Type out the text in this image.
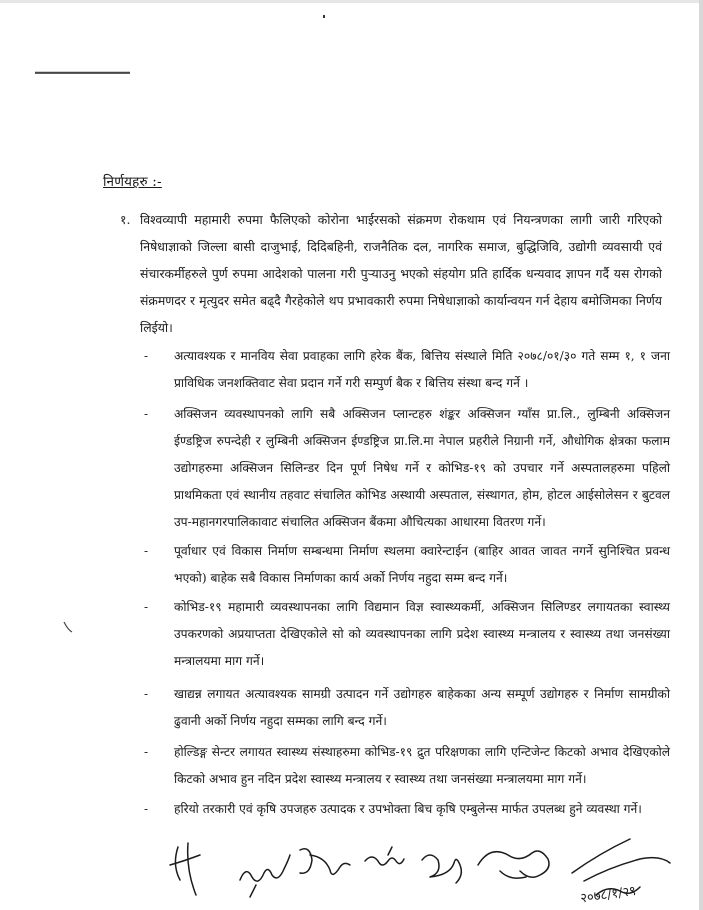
निर्णयहरु :-
१. विश्वव्यापी महामारी रुपमा फैलिएको कोरोना भाईरसको संक्रमण रोकथाम एवं नियन्त्रणका लागी जारी गरिएको निषेधाज्ञाको जिल्ला बासी दाजुभाई, दिदिबहिनी, राजनैतिक दल, नागरिक समाज, बुद्धिजिवि, उद्योगी व्यवसायी एवं संचारकर्मीहरुले पुर्ण रुपमा आदेशको पालना गरी पुऱ्याउनु भएको संहयोग प्रति हार्दिक धन्यवाद ज्ञापन गर्दै यस रोगको संक्रमणदर र मृत्युदर समेत बढ्दै गैरहेकोले थप प्रभावकारी रुपमा निषेधाज्ञाको कार्यान्वयन गर्न देहाय बमोजिमका निर्णय लिईयो।
- अत्यावश्यक र मानविय सेवा प्रवाहका लागि हरेक बैंक, बित्तिय संस्थाले मिति २०७८/०१/३० गते सम्म १, १ जना प्राविधिक जनशक्तिवाट सेवा प्रदान गर्ने गरी सम्पुर्ण बैक र बित्तिय संस्था बन्द गर्ने ।
- अक्सिजन व्यवस्थापनको लागि सबै अक्सिजन प्लान्टहरु शंङ्कर अक्सिजन ग्याँस प्रा.लि., लुम्बिनी अक्सिजन ईण्डष्ट्रिज रुपन्देही र लुम्बिनी अक्सिजन ईण्डष्ट्रिज प्रा.लि.मा नेपाल प्रहरीले निग्रानी गर्ने, औधोगिक क्षेत्रका फलाम उद्योगहरुमा अक्सिजन सिलिन्डर दिन पूर्ण निषेध गर्ने र कोभिड-१९ को उपचार गर्ने अस्पतालहरुमा पहिलो प्राथमिकता एवं स्थानीय तहवाट संचालित कोभिड अस्थायी अस्पताल, संस्थागत, होम, होटल आईसोलेसन र बुटवल उप-महानगरपालिकावाट संचालित अक्सिजन बैंकमा औचित्यका आधारमा वितरण गर्ने।
- पूर्वाधार एवं विकास निर्माण सम्बन्धमा निर्माण स्थलमा क्वारेन्टाईन (बाहिर आवत जावत नगर्ने सुनिश्चित प्रवन्ध भएको) बाहेक सबै विकास निर्माणका कार्य अर्को निर्णय नहुदा सम्म बन्द गर्ने।
- कोभिड-१९ महामारी व्यवस्थापनका लागि विद्यमान विज्ञ स्वास्थ्यकर्मी, अक्सिजन सिलिण्डर लगायतका स्वास्थ्य उपकरणको अप्रयाप्तता देखिएकोले सो को व्यवस्थापनका लागि प्रदेश स्वास्थ्य मन्त्रालय र स्वास्थ्य तथा जनसंख्या मन्त्रालयमा माग गर्ने।
- खाद्यन्न लगायत अत्यावश्यक सामग्री उत्पादन गर्ने उद्योगहरु बाहेकका अन्य सम्पूर्ण उद्योगहरु र निर्माण सामग्रीको ढुवानी अर्को निर्णय नहुदा सम्मका लागि बन्द गर्ने।
- होल्डिङ्ग सेन्टर लगायत स्वास्थ्य संस्थाहरुमा कोभिड-१९ द्रुत परिक्षणका लागि एन्टिजेन्ट किटको अभाव देखिएकोले किटको अभाव हुन नदिन प्रदेश स्वास्थ्य मन्त्रालय र स्वास्थ्य तथा जनसंख्या मन्त्रालयमा माग गर्ने।
- हरियो तरकारी एवं कृषि उपजहरु उत्पादक र उपभोक्ता बिच कृषि एम्बुलेन्स मार्फत उपलब्ध हुने व्यवस्था गर्ने।
२०७८/१/२९
